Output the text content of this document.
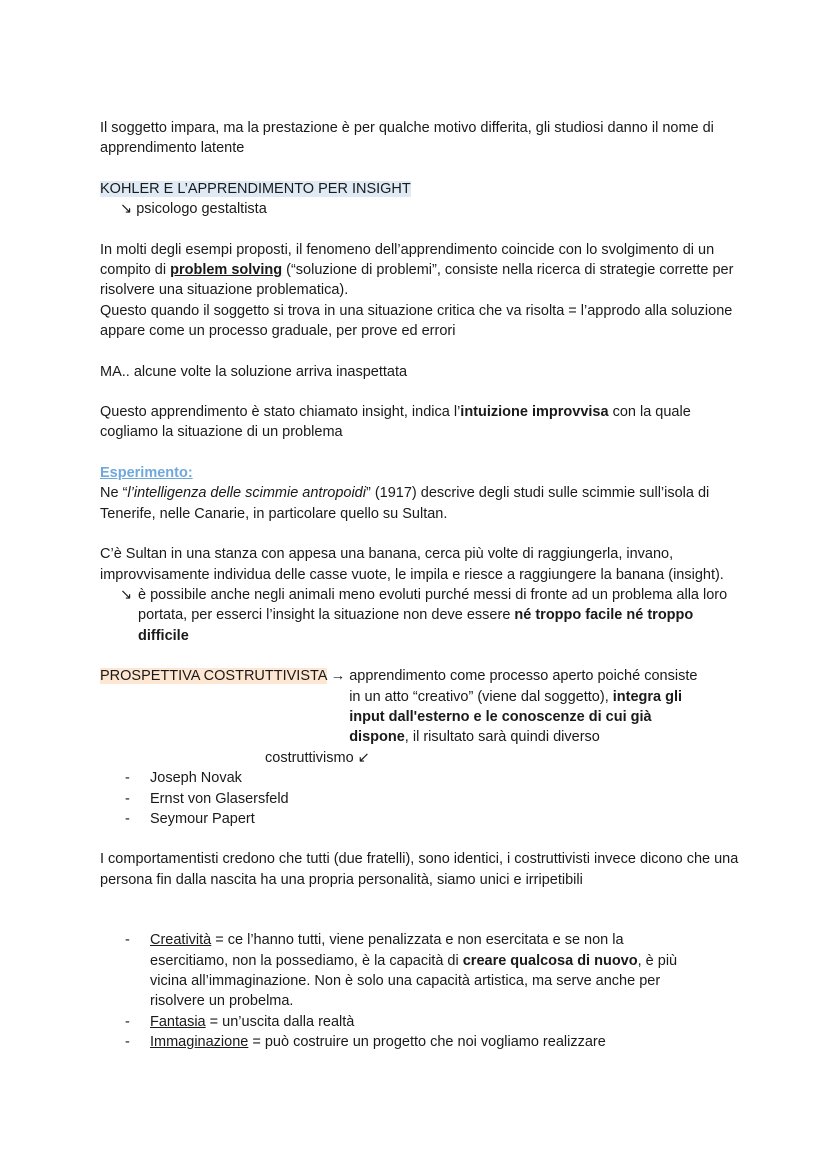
Il soggetto impara, ma la prestazione è per qualche motivo differita, gli studiosi danno il nome di apprendimento latente

KOHLER E L’APPRENDIMENTO PER INSIGHT

↘ psicologo gestaltista

In molti degli esempi proposti, il fenomeno dell’apprendimento coincide con lo svolgimento di un compito di problem solving (“soluzione di problemi”, consiste nella ricerca di strategie corrette per risolvere una situazione problematica).

Questo quando il soggetto si trova in una situazione critica che va risolta = l’approdo alla soluzione appare come un processo graduale, per prove ed errori

MA.. alcune volte la soluzione arriva inaspettata

Questo apprendimento è stato chiamato insight, indica l’intuizione improvvisa con la quale cogliamo la situazione di un problema

Esperimento:

Ne “l’intelligenza delle scimmie antropoidi” (1917) descrive degli studi sulle scimmie sull’isola di Tenerife, nelle Canarie, in particolare quello su Sultan.

C’è Sultan in una stanza con appesa una banana, cerca più volte di raggiungerla, invano, improvvisamente individua delle casse vuote, le impila e riesce a raggiungere la banana (insight).

↘ è possibile anche negli animali meno evoluti purché messi di fronte ad un problema alla loro portata, per esserci l’insight la situazione non deve essere né troppo facile né troppo difficile
PROSPETTIVA COSTRUTTIVISTA → apprendimento come processo aperto poiché consiste in un atto “creativo” (viene dal soggetto), integra gli input dall'esterno e le conoscenze di cui già dispone, il risultato sarà quindi diverso

costruttivismo ↙

-	Joseph Novak
-	Ernst von Glasersfeld
-	Seymour Papert

I comportamentisti credono che tutti (due fratelli), sono identici, i costruttivisti invece dicono che una persona fin dalla nascita ha una propria personalità, siamo unici e irripetibili

-	Creatività = ce l’hanno tutti, viene penalizzata e non esercitata e se non la esercitiamo, non la possediamo, è la capacità di creare qualcosa di nuovo, è più vicina all’immaginazione. Non è solo una capacità artistica, ma serve anche per risolvere un probelma.
-	Fantasia = un’uscita dalla realtà
-	Immaginazione = può costruire un progetto che noi vogliamo realizzare
